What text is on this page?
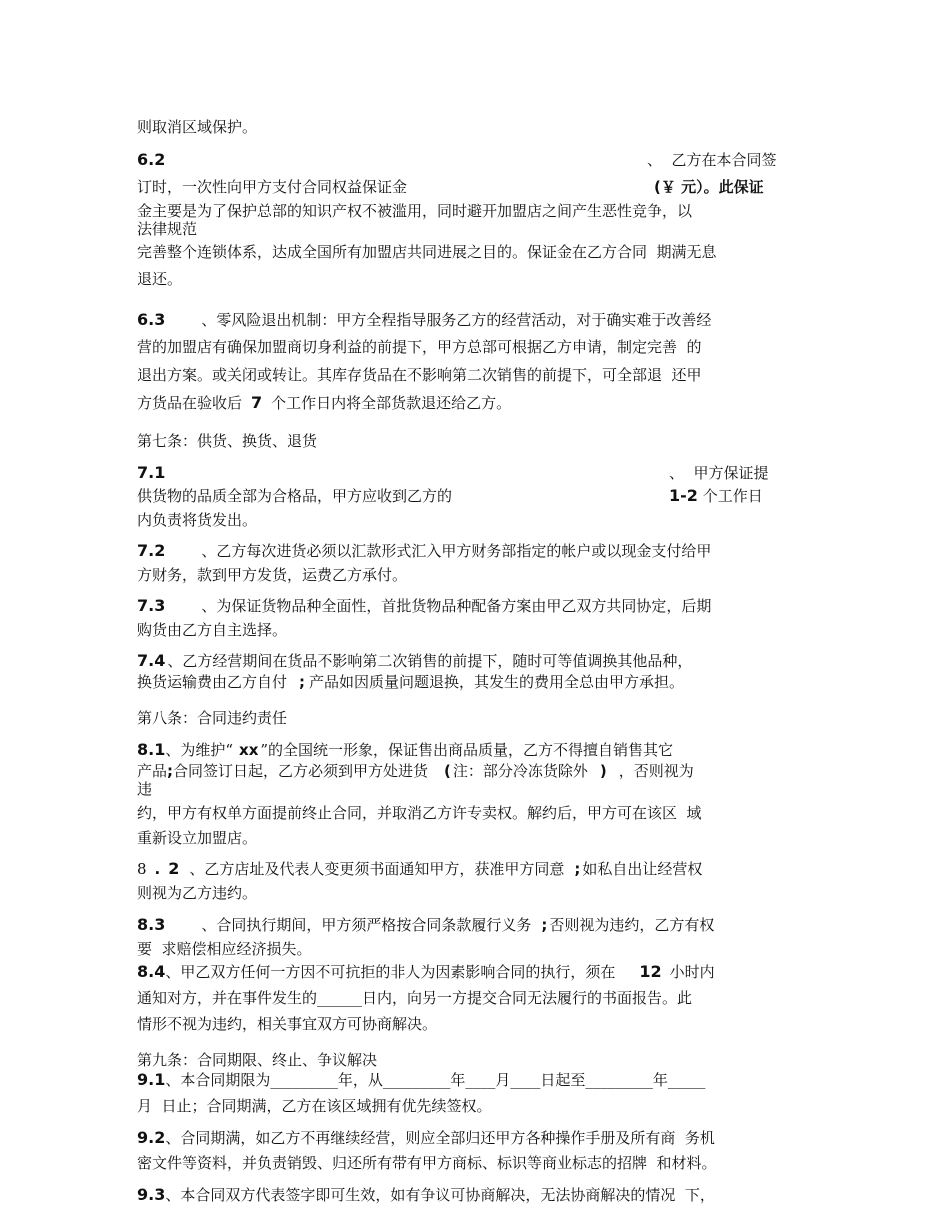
则取消区域保护。
6.2	、  乙方在本合同签
订时，一次性向甲方支付合同权益保证金	(￥ 元）。此保证
金主要是为了保护总部的知识产权不被滥用，同时避开加盟店之间产生恶性竞争，以
法律规范
完善整个连锁体系，达成全国所有加盟店共同进展之目的。保证金在乙方合同  期满无息
退还。
6.3 、零风险退出机制：甲方全程指导服务乙方的经营活动，对于确实难于改善经
营的加盟店有确保加盟商切身利益的前提下，甲方总部可根据乙方申请，制定完善  的
退出方案。或关闭或转让。其库存货品在不影响第二次销售的前提下，可全部退  还甲
方货品在验收后 7 个工作日内将全部货款退还给乙方。
第七条：供货、换货、退货
7.1	、  甲方保证提
供货物的品质全部为合格品，甲方应收到乙方的	1-2 个工作日
内负责将货发出。
7.2 、乙方每次进货必须以汇款形式汇入甲方财务部指定的帐户或以现金支付给甲
方财务，款到甲方发货，运费乙方承付。
7.3 、为保证货物品种全面性，首批货物品种配备方案由甲乙双方共同协定，后期
购货由乙方自主选择。
7.4 、乙方经营期间在货品不影响第二次销售的前提下，随时可等值调换其他品种，
换货运输费由乙方自付 ; 产品如因质量问题退换，其发生的费用全总由甲方承担。
第八条：合同违约责任
8.1、为维护“ xx ”的全国统一形象，保证售出商品质量，乙方不得擅自销售其它
产品;合同签订日起，乙方必须到甲方处进货 ( 注：部分冷冻货除外 ) ，否则视为
违
约，甲方有权单方面提前终止合同，并取消乙方许专卖权。解约后，甲方可在该区  域
重新设立加盟店。
8 . 2 、乙方店址及代表人变更须书面通知甲方，获准甲方同意 ; 如私自出让经营权
则视为乙方违约。
8.3 、合同执行期间，甲方须严格按合同条款履行义务 ; 否则视为违约，乙方有权
要  求赔偿相应经济损失。
8.4、甲乙双方任何一方因不可抗拒的非人为因素影响合同的执行，须在 12 小时内
通知对方，并在事件发生的______日内，向另一方提交合同无法履行的书面报告。此
情形不视为违约，相关事宜双方可协商解决。
第九条：合同期限、终止、争议解决
9.1、本合同期限为_________年，从_________年____月____日起至_________年_____
月  日止；合同期满，乙方在该区域拥有优先续签权。
9.2、合同期满，如乙方不再继续经营，则应全部归还甲方各种操作手册及所有商  务机
密文件等资料，并负责销毁、归还所有带有甲方商标、标识等商业标志的招牌  和材料。
9.3、本合同双方代表签字即可生效，如有争议可协商解决，无法协商解决的情况  下，
